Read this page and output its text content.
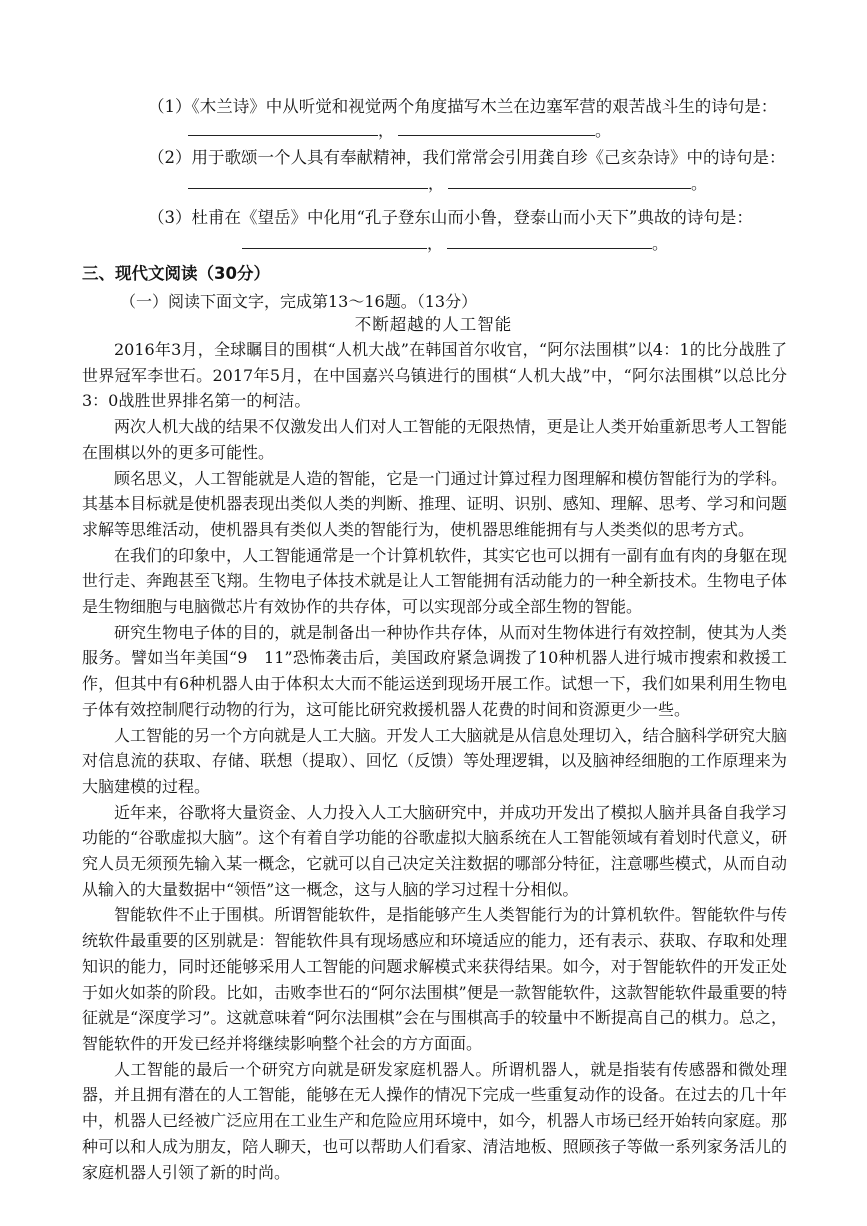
（1）《木兰诗》中从听觉和视觉两个角度描写木兰在边塞军营的艰苦战斗生的诗句是：
，	。
（2）用于歌颂一个人具有奉献精神，我们常常会引用龚自珍《己亥杂诗》中的诗句是：
，	。
（3）杜甫在《望岳》中化用“孔子登东山而小鲁，登泰山而小天下”典故的诗句是：
，	。
三、现代文阅读（30分）
（一）阅读下面文字，完成第13～16题。（13分）
不断超越的人工智能

2016年3月，全球瞩目的围棋“人机大战”在韩国首尔收官，“阿尔法围棋”以4：1的比分战胜了世界冠军李世石。2017年5月，在中国嘉兴乌镇进行的围棋“人机大战”中，“阿尔法围棋”以总比分3：0战胜世界排名第一的柯洁。

两次人机大战的结果不仅激发出人们对人工智能的无限热情，更是让人类开始重新思考人工智能在围棋以外的更多可能性。

顾名思义，人工智能就是人造的智能，它是一门通过计算过程力图理解和模仿智能行为的学科。其基本目标就是使机器表现出类似人类的判断、推理、证明、识别、感知、理解、思考、学习和问题求解等思维活动，使机器具有类似人类的智能行为，使机器思维能拥有与人类类似的思考方式。

在我们的印象中，人工智能通常是一个计算机软件，其实它也可以拥有一副有血有肉的身躯在现世行走、奔跑甚至飞翔。生物电子体技术就是让人工智能拥有活动能力的一种全新技术。生物电子体是生物细胞与电脑微芯片有效协作的共存体，可以实现部分或全部生物的智能。

研究生物电子体的目的，就是制备出一种协作共存体，从而对生物体进行有效控制，使其为人类服务。譬如当年美国“9　11”恐怖袭击后，美国政府紧急调拨了10种机器人进行城市搜索和救援工作，但其中有6种机器人由于体积太大而不能运送到现场开展工作。试想一下，我们如果利用生物电子体有效控制爬行动物的行为，这可能比研究救援机器人花费的时间和资源更少一些。

人工智能的另一个方向就是人工大脑。开发人工大脑就是从信息处理切入，结合脑科学研究大脑对信息流的获取、存储、联想（提取）、回忆（反馈）等处理逻辑，以及脑神经细胞的工作原理来为大脑建模的过程。

近年来，谷歌将大量资金、人力投入人工大脑研究中，并成功开发出了模拟人脑并具备自我学习功能的“谷歌虚拟大脑”。这个有着自学功能的谷歌虚拟大脑系统在人工智能领域有着划时代意义，研究人员无须预先输入某一概念，它就可以自己决定关注数据的哪部分特征，注意哪些模式，从而自动从输入的大量数据中“领悟”这一概念，这与人脑的学习过程十分相似。

智能软件不止于围棋。所谓智能软件，是指能够产生人类智能行为的计算机软件。智能软件与传统软件最重要的区别就是：智能软件具有现场感应和环境适应的能力，还有表示、获取、存取和处理知识的能力，同时还能够采用人工智能的问题求解模式来获得结果。如今，对于智能软件的开发正处于如火如荼的阶段。比如，击败李世石的“阿尔法围棋”便是一款智能软件，这款智能软件最重要的特征就是“深度学习”。这就意味着“阿尔法围棋”会在与围棋高手的较量中不断提高自己的棋力。总之，智能软件的开发已经并将继续影响整个社会的方方面面。

人工智能的最后一个研究方向就是研发家庭机器人。所谓机器人，就是指装有传感器和微处理器，并且拥有潜在的人工智能，能够在无人操作的情况下完成一些重复动作的设备。在过去的几十年中，机器人已经被广泛应用在工业生产和危险应用环境中，如今，机器人市场已经开始转向家庭。那种可以和人成为朋友，陪人聊天，也可以帮助人们看家、清洁地板、照顾孩子等做一系列家务活儿的家庭机器人引领了新的时尚。
